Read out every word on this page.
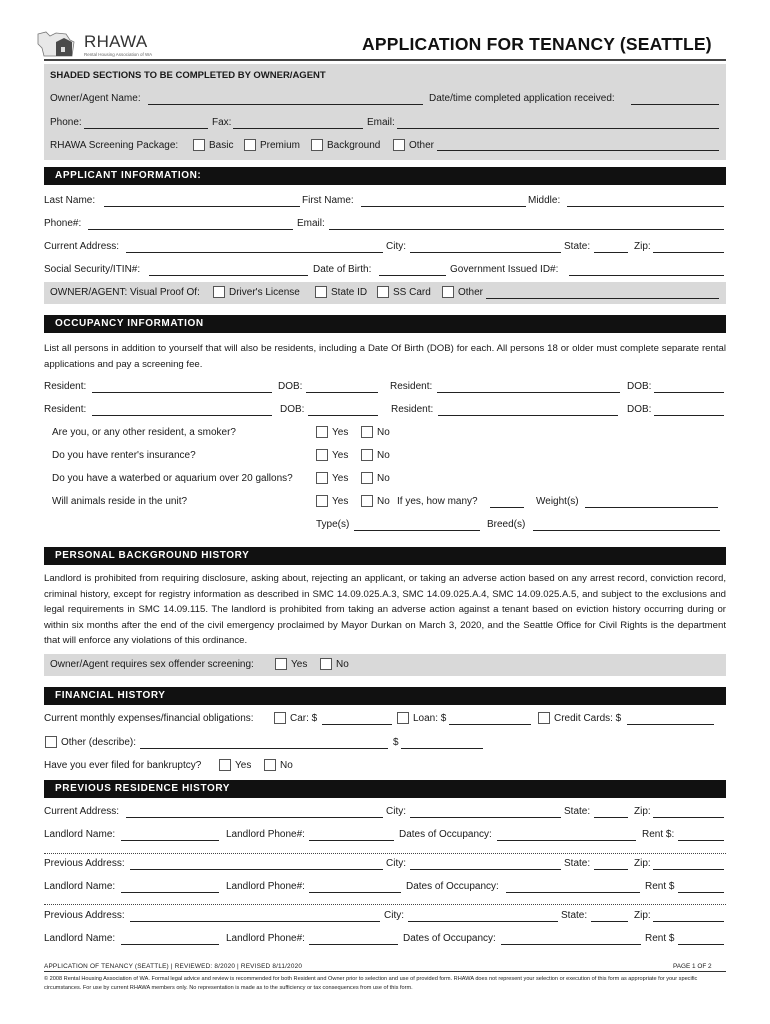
RHAWA
Rental Housing Association of WA
APPLICATION FOR TENANCY (SEATTLE)
SHADED SECTIONS TO BE COMPLETED BY OWNER/AGENT
Owner/Agent Name:	Date/time completed application received:
Phone:	Fax:	Email:
RHAWA Screening Package:	Basic	Premium	Background	Other
APPLICANT INFORMATION:
Last Name:	First Name:	Middle:
Phone#:	Email:
Current Address:	City:	State:	Zip:
Social Security/ITIN#:	Date of Birth:	Government Issued ID#:
OWNER/AGENT: Visual Proof Of:	Driver's License	State ID	SS Card	Other
OCCUPANCY INFORMATION
List all persons in addition to yourself that will also be residents, including a Date Of Birth (DOB) for each. All persons 18 or older must complete separate rental applications and pay a screening fee.
Resident:	DOB:	Resident:	DOB:
Resident:	DOB:	Resident:	DOB:
Are you, or any other resident, a smoker?	Yes	No
Do you have renter's insurance?	Yes	No
Do you have a waterbed or aquarium over 20 gallons?	Yes	No
Will animals reside in the unit?	Yes	No If yes, how many?	Weight(s)
Type(s)	Breed(s)
PERSONAL BACKGROUND HISTORY
Landlord is prohibited from requiring disclosure, asking about, rejecting an applicant, or taking an adverse action based on any arrest record, conviction record, criminal history, except for registry information as described in SMC 14.09.025.A.3, SMC 14.09.025.A.4, SMC 14.09.025.A.5, and subject to the exclusions and legal requirements in SMC 14.09.115. The landlord is prohibited from taking an adverse action against a tenant based on eviction history occurring during or within six months after the end of the civil emergency proclaimed by Mayor Durkan on March 3, 2020, and the Seattle Office for Civil Rights is the department that will enforce any violations of this ordinance.
Owner/Agent requires sex offender screening:	Yes	No
FINANCIAL HISTORY
Current monthly expenses/financial obligations:	Car: $	Loan: $	Credit Cards: $
Other (describe):	$
Have you ever filed for bankruptcy?	Yes	No
PREVIOUS RESIDENCE HISTORY
Current Address:	City:	State:	Zip:
Landlord Name:	Landlord Phone#:	Dates of Occupancy:	Rent $:
Previous Address:	City:	State:	Zip:
Landlord Name:	Landlord Phone#:	Dates of Occupancy:	Rent $
Previous Address:	City:	State:	Zip:
Landlord Name:	Landlord Phone#:	Dates of Occupancy:	Rent $
APPLICATION OF TENANCY (SEATTLE) | REVIEWED: 8/2020 | REVISED 8/11/2020	PAGE 1 OF 2
© 2008 Rental Housing Association of WA. Formal legal advice and review is recommended for both Resident and Owner prior to selection and use of provided form. RHAWA does not represent your selection or execution of this form as appropriate for your specific circumstances. For use by current RHAWA members only. No representation is made as to the sufficiency or tax consequences from use of this form.
